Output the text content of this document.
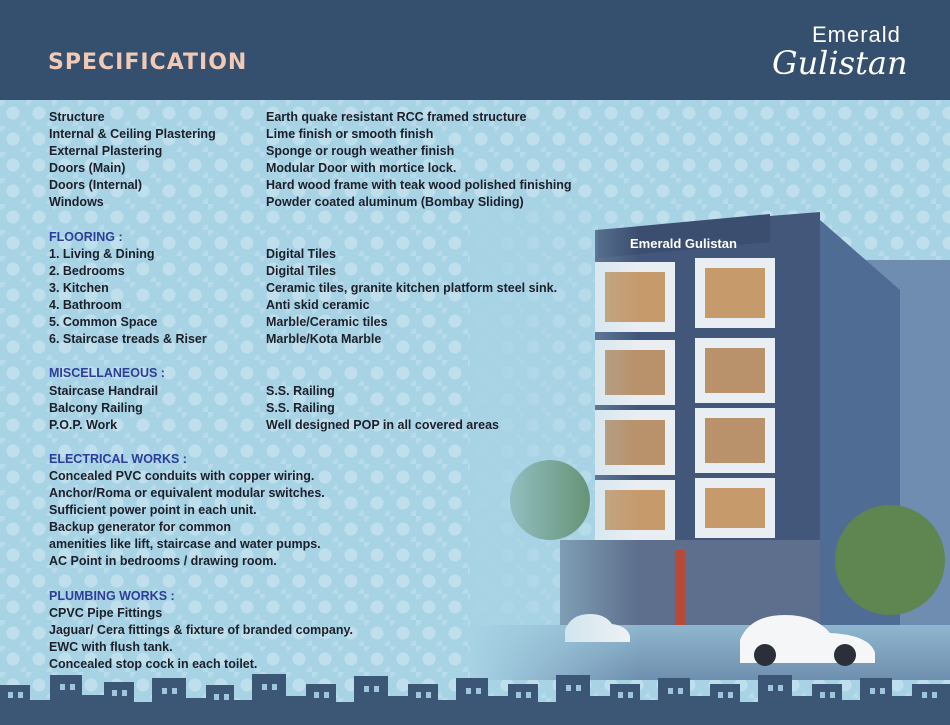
SPECIFICATION
Emerald
Gulistan
Structure	Earth quake resistant RCC framed structure
Internal & Ceiling Plastering	Lime finish or smooth finish
External Plastering	Sponge or rough weather finish
Doors (Main)	Modular Door with mortice lock.
Doors (Internal)	Hard wood frame with teak wood polished finishing
Windows	Powder coated aluminum (Bombay Sliding)
FLOORING :
1. Living & Dining	Digital Tiles
2. Bedrooms	Digital Tiles
3. Kitchen	Ceramic tiles, granite kitchen platform steel sink.
4. Bathroom	Anti skid ceramic
5. Common Space	Marble/Ceramic tiles
6. Staircase treads & Riser	Marble/Kota Marble
MISCELLANEOUS :
Staircase Handrail	S.S. Railing
Balcony Railing	S.S. Railing
P.O.P. Work	Well designed POP in all covered areas
ELECTRICAL WORKS :
Concealed PVC conduits with copper wiring.
Anchor/Roma or equivalent modular switches.
Sufficient power point in each unit.
Backup generator for common
amenities like lift, staircase and water pumps.
AC Point in bedrooms / drawing room.
PLUMBING WORKS :
CPVC Pipe Fittings
Jaguar/ Cera fittings & fixture of branded company.
EWC with flush tank.
Concealed stop cock in each toilet.
